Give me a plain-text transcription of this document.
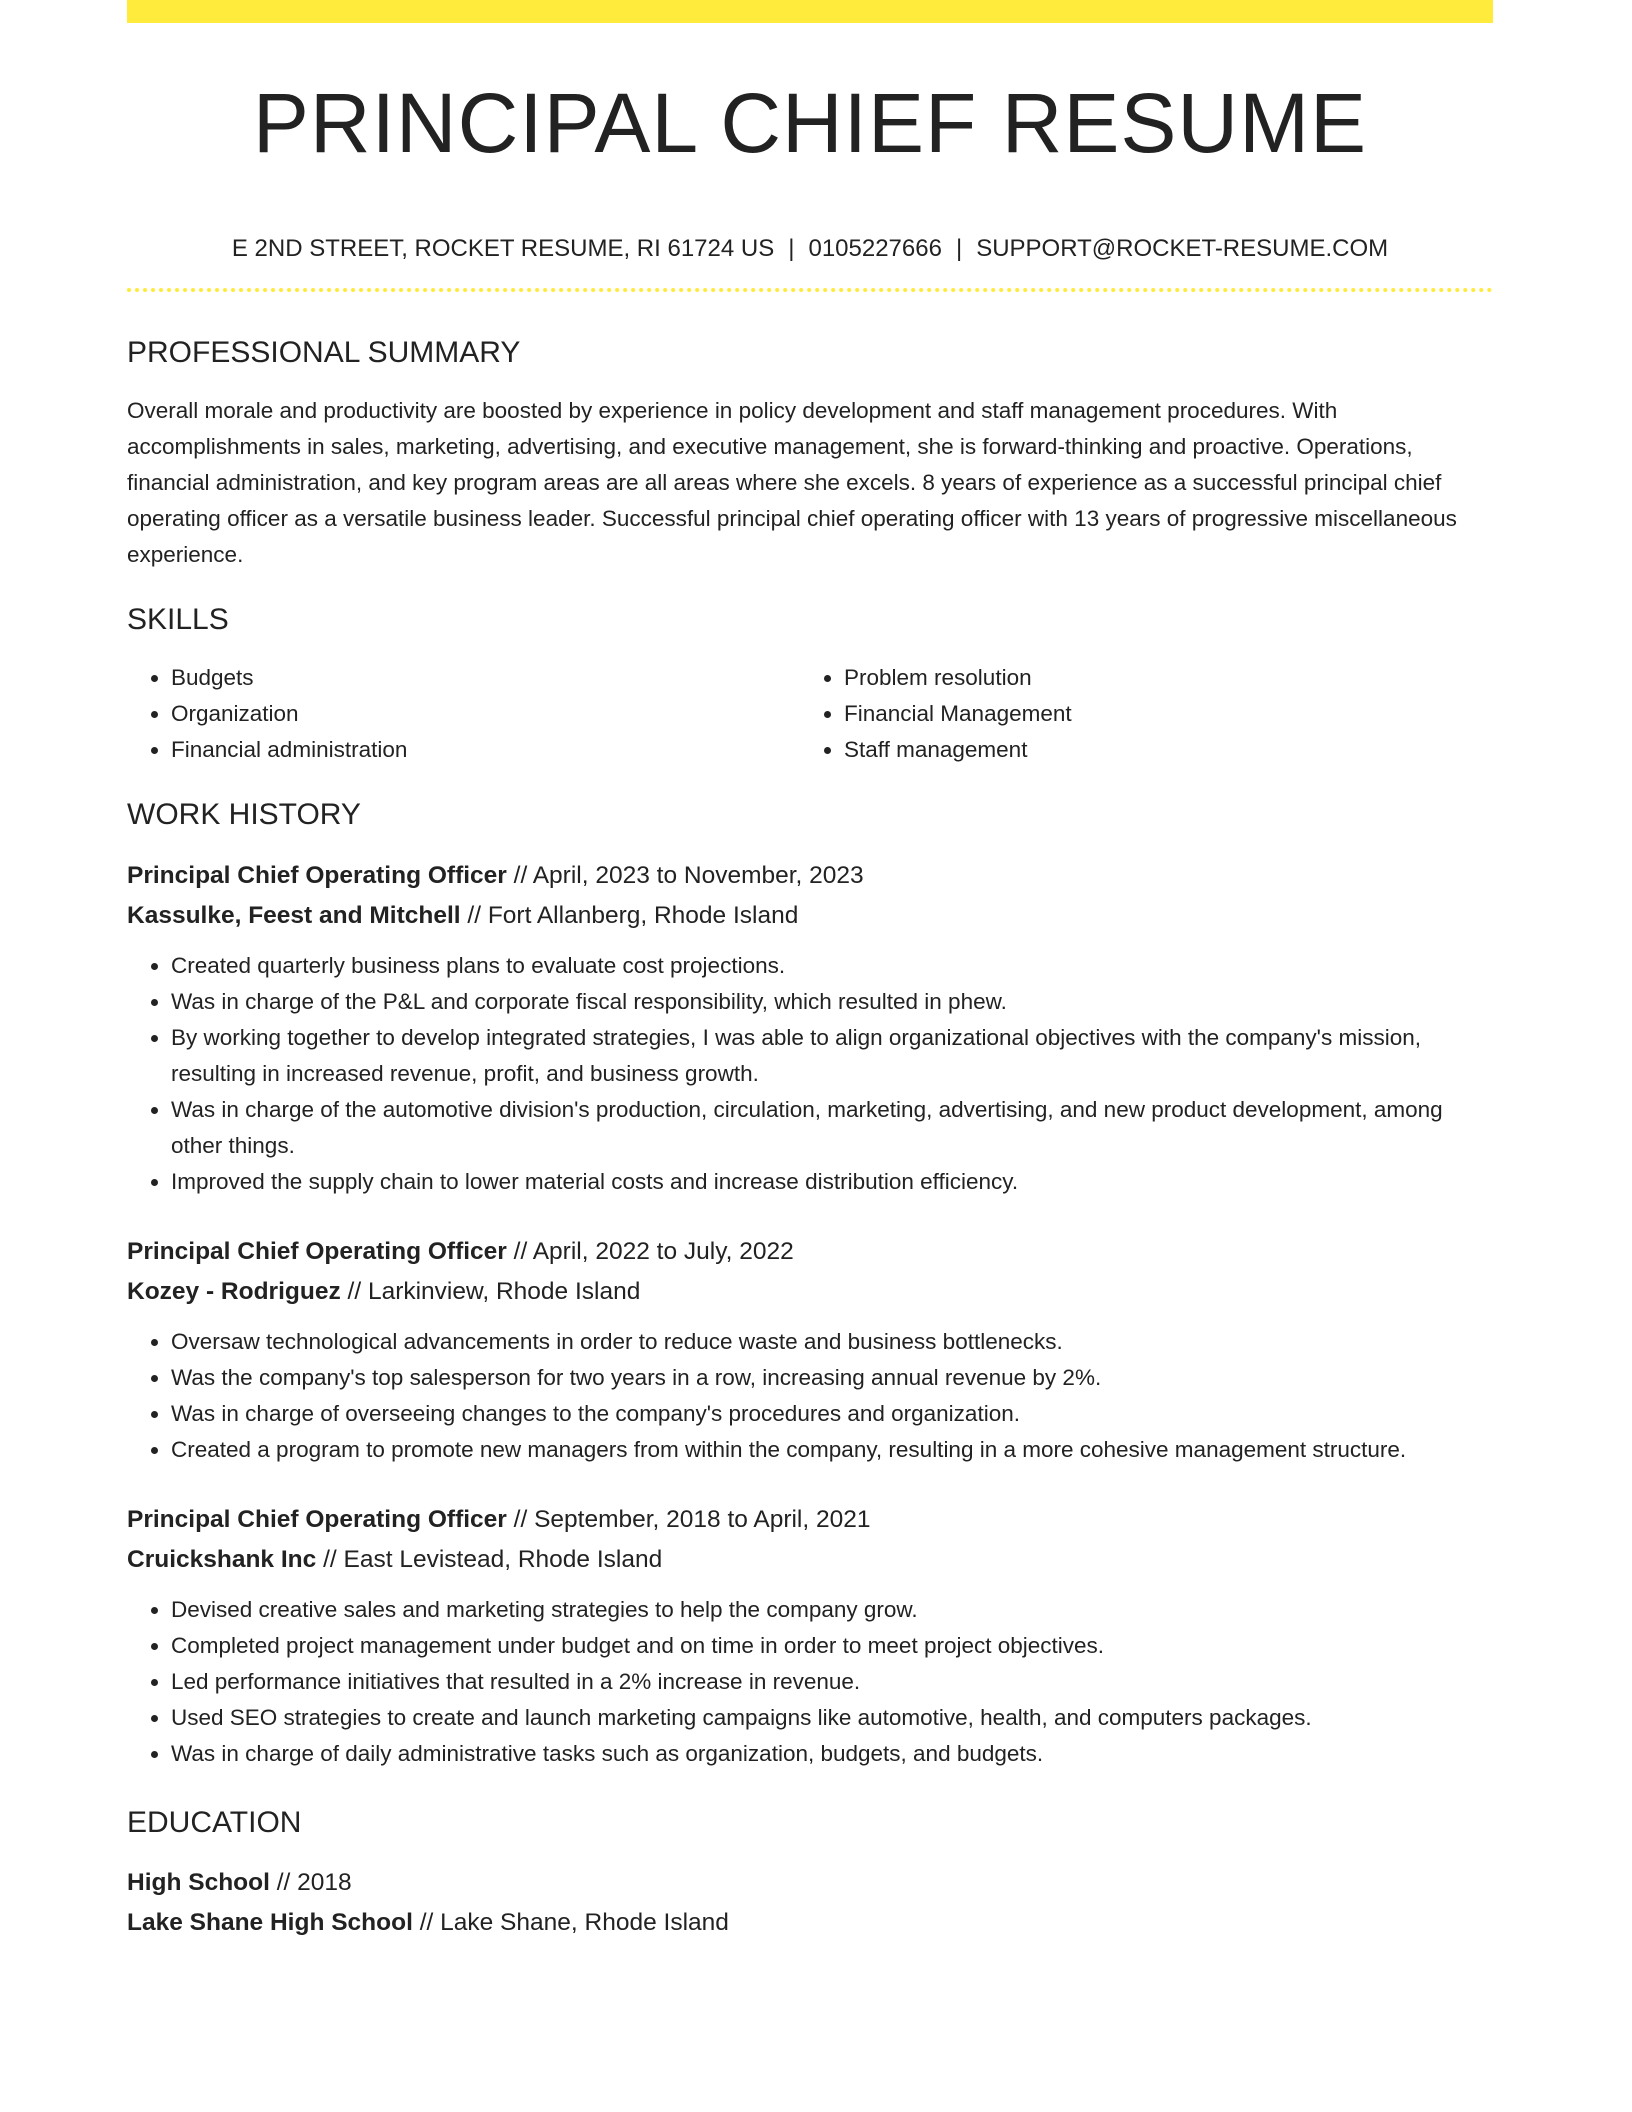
PRINCIPAL CHIEF RESUME
E 2ND STREET, ROCKET RESUME, RI 61724 US | 0105227666 | SUPPORT@ROCKET-RESUME.COM
PROFESSIONAL SUMMARY

Overall morale and productivity are boosted by experience in policy development and staff management procedures. With accomplishments in sales, marketing, advertising, and executive management, she is forward-thinking and proactive. Operations, financial administration, and key program areas are all areas where she excels. 8 years of experience as a successful principal chief operating officer as a versatile business leader. Successful principal chief operating officer with 13 years of progressive miscellaneous experience.

SKILLS
• Budgets
• Organization
• Financial administration
• Problem resolution
• Financial Management
• Staff management
WORK HISTORY
Principal Chief Operating Officer // April, 2023 to November, 2023
Kassulke, Feest and Mitchell // Fort Allanberg, Rhode Island
• Created quarterly business plans to evaluate cost projections.
• Was in charge of the P&L and corporate fiscal responsibility, which resulted in phew.
• By working together to develop integrated strategies, I was able to align organizational objectives with the company's mission, resulting in increased revenue, profit, and business growth.
• Was in charge of the automotive division's production, circulation, marketing, advertising, and new product development, among other things.
• Improved the supply chain to lower material costs and increase distribution efficiency.
Principal Chief Operating Officer // April, 2022 to July, 2022
Kozey - Rodriguez // Larkinview, Rhode Island
• Oversaw technological advancements in order to reduce waste and business bottlenecks.
• Was the company's top salesperson for two years in a row, increasing annual revenue by 2%.
• Was in charge of overseeing changes to the company's procedures and organization.
• Created a program to promote new managers from within the company, resulting in a more cohesive management structure.
Principal Chief Operating Officer // September, 2018 to April, 2021
Cruickshank Inc // East Levistead, Rhode Island
• Devised creative sales and marketing strategies to help the company grow.
• Completed project management under budget and on time in order to meet project objectives.
• Led performance initiatives that resulted in a 2% increase in revenue.
• Used SEO strategies to create and launch marketing campaigns like automotive, health, and computers packages.
• Was in charge of daily administrative tasks such as organization, budgets, and budgets.
EDUCATION
High School // 2018
Lake Shane High School // Lake Shane, Rhode Island
